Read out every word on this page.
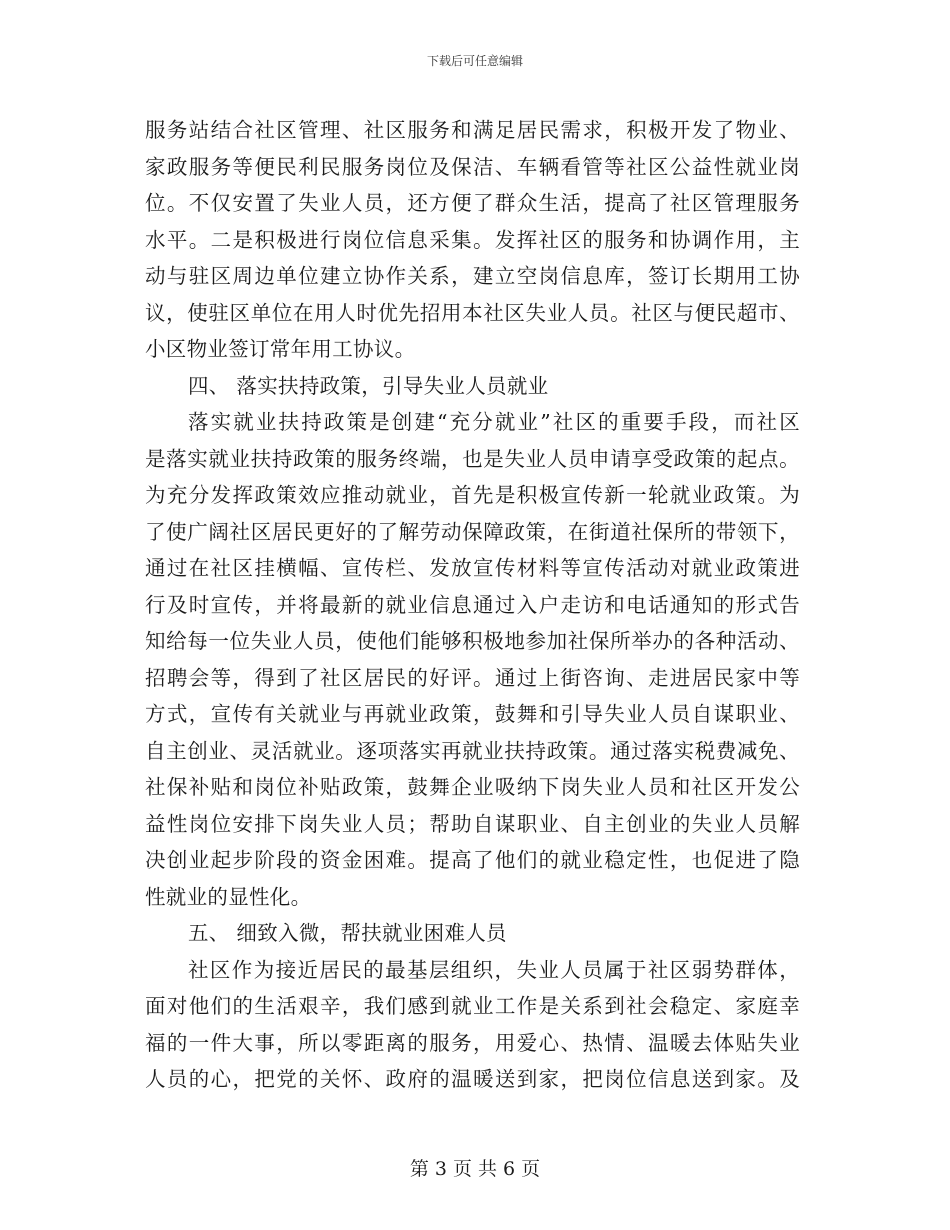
下载后可任意编辑
服务站结合社区管理、社区服务和满足居民需求，积极开发了物业、
家政服务等便民利民服务岗位及保洁、车辆看管等社区公益性就业岗
位。不仅安置了失业人员，还方便了群众生活，提高了社区管理服务
水平。二是积极进行岗位信息采集。发挥社区的服务和协调作用，主
动与驻区周边单位建立协作关系，建立空岗信息库，签订长期用工协
议，使驻区单位在用人时优先招用本社区失业人员。社区与便民超市、
小区物业签订常年用工协议。
四、 落实扶持政策，引导失业人员就业
落实就业扶持政策是创建“充分就业”社区的重要手段，而社区
是落实就业扶持政策的服务终端，也是失业人员申请享受政策的起点。
为充分发挥政策效应推动就业，首先是积极宣传新一轮就业政策。为
了使广阔社区居民更好的了解劳动保障政策，在街道社保所的带领下，
通过在社区挂横幅、宣传栏、发放宣传材料等宣传活动对就业政策进
行及时宣传，并将最新的就业信息通过入户走访和电话通知的形式告
知给每一位失业人员，使他们能够积极地参加社保所举办的各种活动、
招聘会等，得到了社区居民的好评。通过上街咨询、走进居民家中等
方式，宣传有关就业与再就业政策，鼓舞和引导失业人员自谋职业、
自主创业、灵活就业。逐项落实再就业扶持政策。通过落实税费减免、
社保补贴和岗位补贴政策，鼓舞企业吸纳下岗失业人员和社区开发公
益性岗位安排下岗失业人员；帮助自谋职业、自主创业的失业人员解
决创业起步阶段的资金困难。提高了他们的就业稳定性，也促进了隐
性就业的显性化。
五、 细致入微，帮扶就业困难人员
社区作为接近居民的最基层组织，失业人员属于社区弱势群体，
面对他们的生活艰辛，我们感到就业工作是关系到社会稳定、家庭幸
福的一件大事，所以零距离的服务，用爱心、热情、温暖去体贴失业
人员的心，把党的关怀、政府的温暖送到家，把岗位信息送到家。及
第 3 页 共 6 页
